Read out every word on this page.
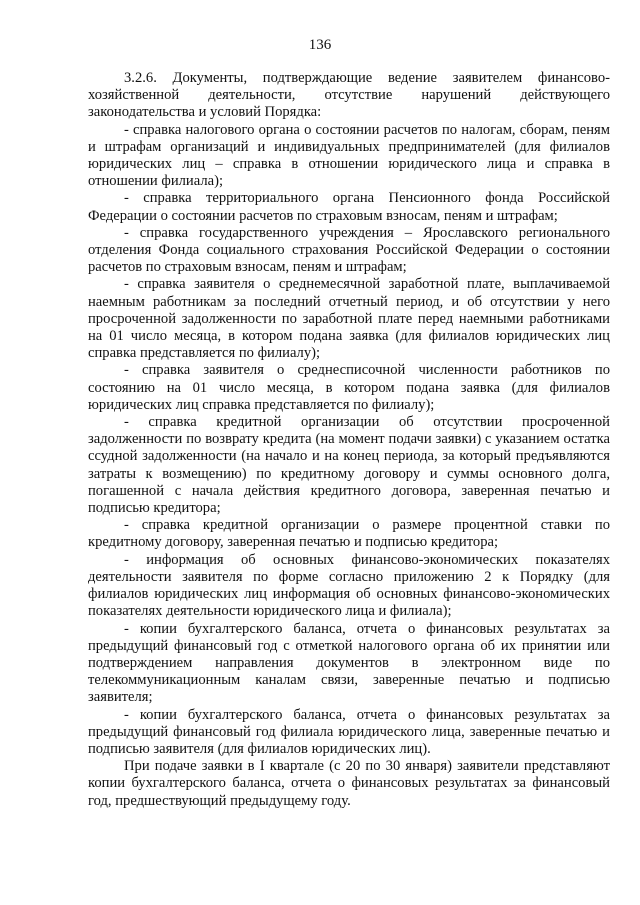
136

3.2.6. Документы, подтверждающие ведение заявителем финансово-хозяйственной деятельности, отсутствие нарушений действующего законодательства и условий Порядка:

- справка налогового органа о состоянии расчетов по налогам, сборам, пеням и штрафам организаций и индивидуальных предпринимателей (для филиалов юридических лиц – справка в отношении юридического лица и справка в отношении филиала);

- справка территориального органа Пенсионного фонда Российской Федерации о состоянии расчетов по страховым взносам, пеням и штрафам;

- справка государственного учреждения – Ярославского регионального отделения Фонда социального страхования Российской Федерации о состоянии расчетов по страховым взносам, пеням и штрафам;

- справка заявителя о среднемесячной заработной плате, выплачиваемой наемным работникам за последний отчетный период, и об отсутствии у него просроченной задолженности по заработной плате перед наемными работниками на 01 число месяца, в котором подана заявка (для филиалов юридических лиц справка представляется по филиалу);

- справка заявителя о среднесписочной численности работников по состоянию на 01 число месяца, в котором подана заявка (для филиалов юридических лиц справка представляется по филиалу);

- справка кредитной организации об отсутствии просроченной задолженности по возврату кредита (на момент подачи заявки) с указанием остатка ссудной задолженности (на начало и на конец периода, за который предъявляются затраты к возмещению) по кредитному договору и суммы основного долга, погашенной с начала действия кредитного договора, заверенная печатью и подписью кредитора;

- справка кредитной организации о размере процентной ставки по кредитному договору, заверенная печатью и подписью кредитора;

- информация об основных финансово-экономических показателях деятельности заявителя по форме согласно приложению 2 к Порядку (для филиалов юридических лиц информация об основных финансово-экономических показателях деятельности юридического лица и филиала);

- копии бухгалтерского баланса, отчета о финансовых результатах за предыдущий финансовый год с отметкой налогового органа об их принятии или подтверждением направления документов в электронном виде по телекоммуникационным каналам связи, заверенные печатью и подписью заявителя;

- копии бухгалтерского баланса, отчета о финансовых результатах за предыдущий финансовый год филиала юридического лица, заверенные печатью и подписью заявителя (для филиалов юридических лиц).

При подаче заявки в I квартале (с 20 по 30 января) заявители представляют копии бухгалтерского баланса, отчета о финансовых результатах за финансовый год, предшествующий предыдущему году.
